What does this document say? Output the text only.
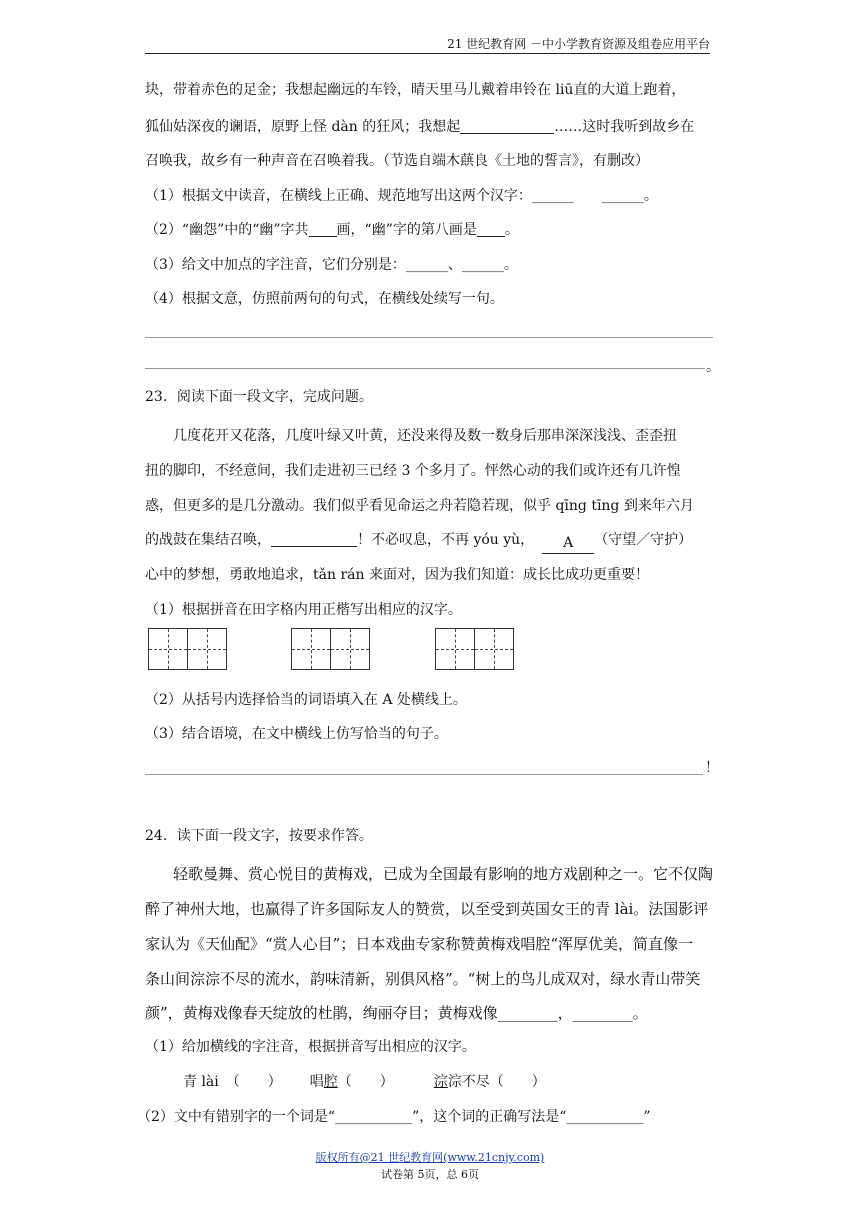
21 世纪教育网 －中小学教育资源及组卷应用平台
块，带着赤色的足金；我想起幽远的车铃，晴天里马儿戴着串铃在 liū直的大道上跑着，
狐仙姑深夜的谰语，原野上怪 dàn 的狂风；我想起	……这时我听到故乡在
召唤我，故乡有一种声音在召唤着我。（节选自端木蕻良《土地的誓言》，有删改）
（1）根据文中读音，在横线上正确、规范地写出这两个汉字：______　　______。
（2）“幽怨”中的“幽”字共 画，“幽”字的第八画是 。
（3）给文中加点的字注音，它们分别是：______、______。
（4）根据文意，仿照前两句的句式，在横线处续写一句。
。
23．阅读下面一段文字，完成问题。
几度花开又花落，几度叶绿又叶黄，还没来得及数一数身后那串深深浅浅、歪歪扭
扭的脚印，不经意间，我们走进初三已经 3 个多月了。怦然心动的我们或许还有几许惶
惑，但更多的是几分激动。我们似乎看见命运之舟若隐若现，似乎 qīng tīng 到来年六月
的战鼓在集结召唤，	！不必叹息，不再 yóu yù， A （守望／守护）
心中的梦想，勇敢地追求，tǎn rán 来面对，因为我们知道：成长比成功更重要！
（1）根据拼音在田字格内用正楷写出相应的汉字。
（2）从括号内选择恰当的词语填入在 A 处横线上。
（3）结合语境，在文中横线上仿写恰当的句子。
！
24．读下面一段文字，按要求作答。
轻歌曼舞、赏心悦目的黄梅戏，已成为全国最有影响的地方戏剧种之一。它不仅陶
醉了神州大地，也赢得了许多国际友人的赞赏，以至受到英国女王的青 lài。法国影评
家认为《天仙配》“赏人心目”；日本戏曲专家称赞黄梅戏唱腔“浑厚优美，简直像一
条山间淙淙不尽的流水，韵味清新，别俱风格”。“树上的鸟儿成双对，绿水青山带笑
颜”，黄梅戏像春天绽放的杜鹃，绚丽夺目；黄梅戏像________，________。
（1）给加横线的字注音，根据拼音写出相应的汉字。
青 lài　（　　） 唱腔（　　）	淙淙不尽（　　）
（2）文中有错别字的一个词是“___________”，这个词的正确写法是“___________”
版权所有@21 世纪教育网(www.21cnjy.com)
试卷第 5页，总 6页
